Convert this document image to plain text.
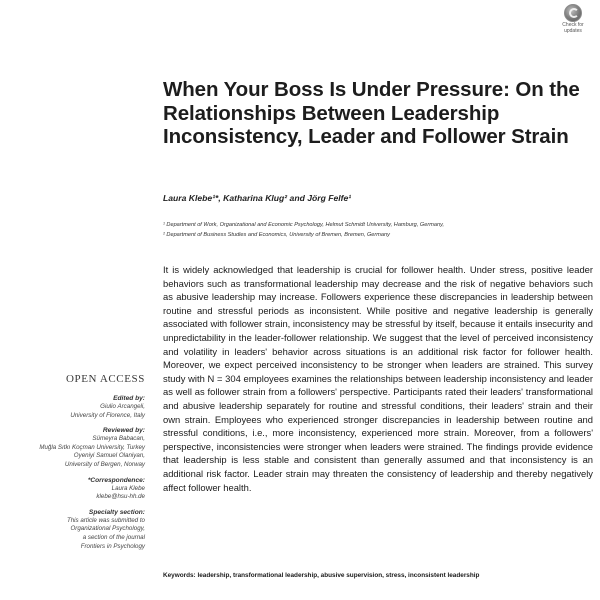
Check for
updates
When Your Boss Is Under Pressure: On the Relationships Between Leadership Inconsistency, Leader and Follower Strain
Laura Klebe¹*, Katharina Klug² and Jörg Felfe¹
¹ Department of Work, Organizational and Economic Psychology, Helmut Schmidt University, Hamburg, Germany,
² Department of Business Studies and Economics, University of Bremen, Bremen, Germany

It is widely acknowledged that leadership is crucial for follower health. Under stress, positive leader behaviors such as transformational leadership may decrease and the risk of negative behaviors such as abusive leadership may increase. Followers experience these discrepancies in leadership between routine and stressful periods as inconsistent. While positive and negative leadership is generally associated with follower strain, inconsistency may be stressful by itself, because it entails insecurity and unpredictability in the leader-follower relationship. We suggest that the level of perceived inconsistency and volatility in leaders' behavior across situations is an additional risk factor for follower health. Moreover, we expect perceived inconsistency to be stronger when leaders are strained. This survey study with N = 304 employees examines the relationships between leadership inconsistency and leader as well as follower strain from a followers' perspective. Participants rated their leaders' transformational and abusive leadership separately for routine and stressful conditions, their leaders' strain and their own strain. Employees who experienced stronger discrepancies in leadership between routine and stressful conditions, i.e., more inconsistency, experienced more strain. Moreover, from a followers' perspective, inconsistencies were stronger when leaders were strained. The findings provide evidence that leadership is less stable and consistent than generally assumed and that inconsistency is an additional risk factor. Leader strain may threaten the consistency of leadership and thereby negatively affect follower health.

Keywords: leadership, transformational leadership, abusive supervision, stress, inconsistent leadership
OPEN ACCESS
Edited by:
Giulio Arcangeli,
University of Florence, Italy
Reviewed by:
Sümeyra Babacan,
Muğla Sıtkı Koçman University, Turkey
Oyeniyi Samuel Olaniyan,
University of Bergen, Norway
*Correspondence:
Laura Klebe
klebe@hsu-hh.de
Specialty section:
This article was submitted to
Organizational Psychology,
a section of the journal
Frontiers in Psychology
